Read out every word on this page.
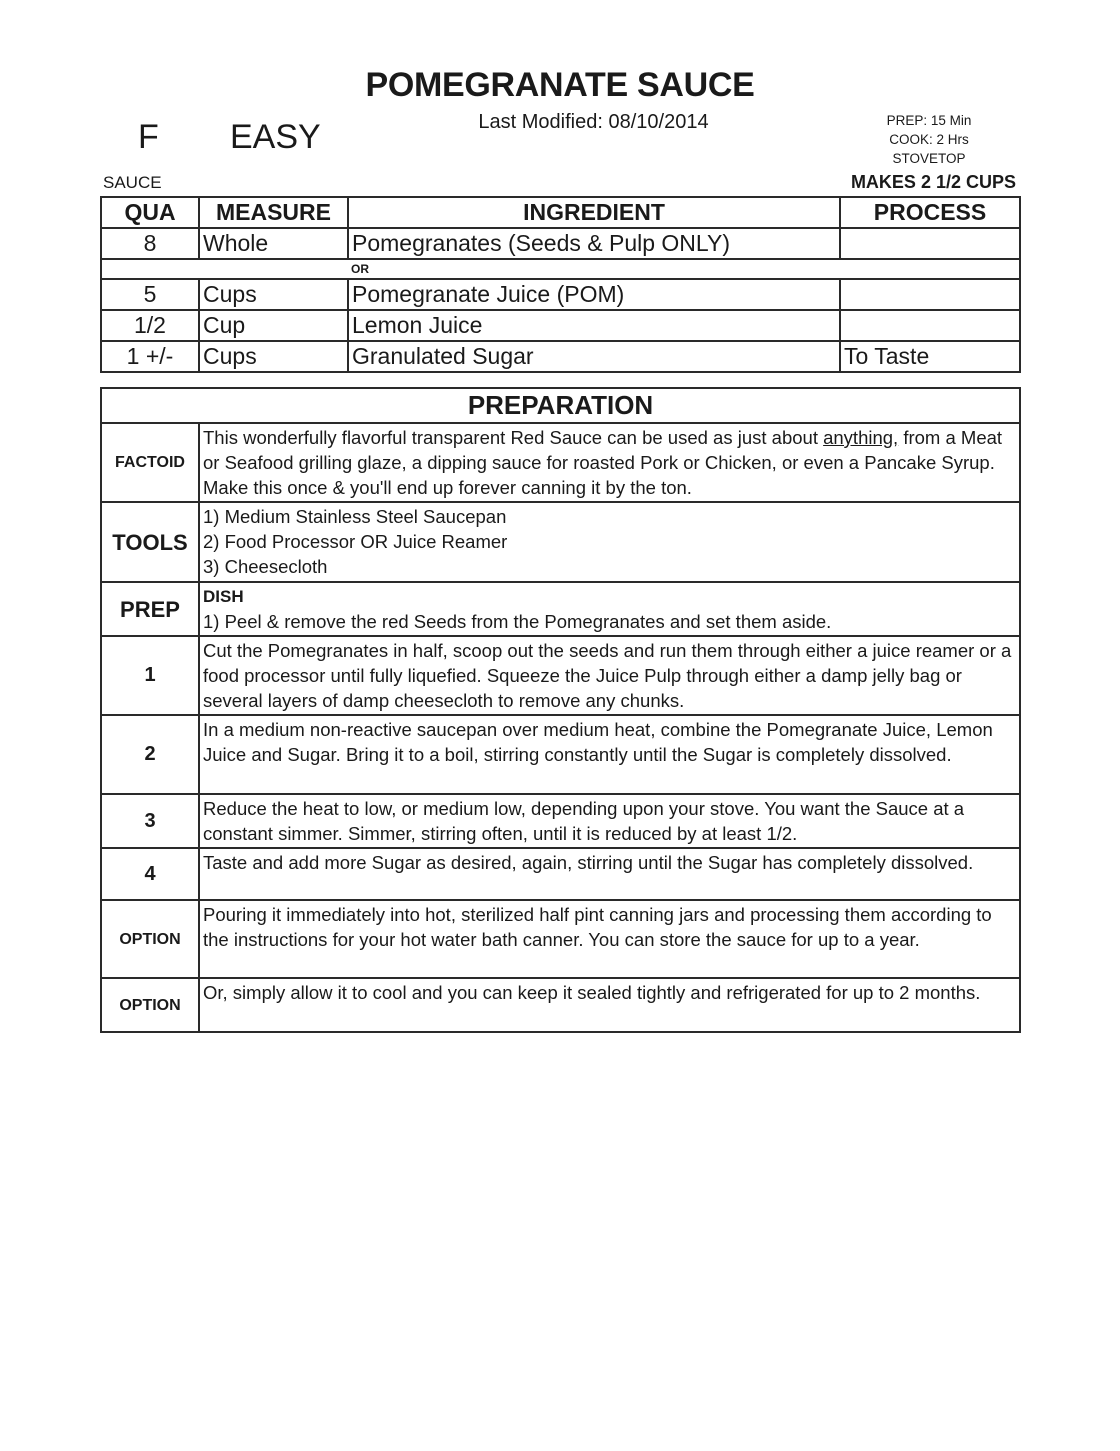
POMEGRANATE SAUCE
Last Modified: 08/10/2014
F EASY	PREP: 15 Min
COOK: 2 Hrs
STOVETOP
SAUCE	MAKES 2 1/2 CUPS
QUA	MEASURE	INGREDIENT	PROCESS
8	Whole	Pomegranates (Seeds & Pulp ONLY)	
		OR	
5	Cups	Pomegranate Juice (POM)	
1/2	Cup	Lemon Juice	
1 +/-	Cups	Granulated Sugar	To Taste
PREPARATION	
FACTOID	This wonderfully flavorful transparent Red Sauce can be used as just about anything, from a Meat or Seafood grilling glaze, a dipping sauce for roasted Pork or Chicken, or even a Pancake Syrup. Make this once & you'll end up forever canning it by the ton.
TOOLS	1) Medium Stainless Steel Saucepan
2) Food Processor OR Juice Reamer
3) Cheesecloth

PREP	DISH
1) Peel & remove the red Seeds from the Pomegranates and set them aside.

1	Cut the Pomegranates in half, scoop out the seeds and run them through either a juice reamer or a food processor until fully liquefied. Squeeze the Juice Pulp through either a damp jelly bag or several layers of damp cheesecloth to remove any chunks.
2	In a medium non-reactive saucepan over medium heat, combine the Pomegranate Juice, Lemon Juice and Sugar. Bring it to a boil, stirring constantly until the Sugar is completely dissolved.
3	Reduce the heat to low, or medium low, depending upon your stove. You want the Sauce at a constant simmer. Simmer, stirring often, until it is reduced by at least 1/2.
4	Taste and add more Sugar as desired, again, stirring until the Sugar has completely dissolved.
OPTION	Pouring it immediately into hot, sterilized half pint canning jars and processing them according to the instructions for your hot water bath canner. You can store the sauce for up to a year.
OPTION	Or, simply allow it to cool and you can keep it sealed tightly and refrigerated for up to 2 months.
